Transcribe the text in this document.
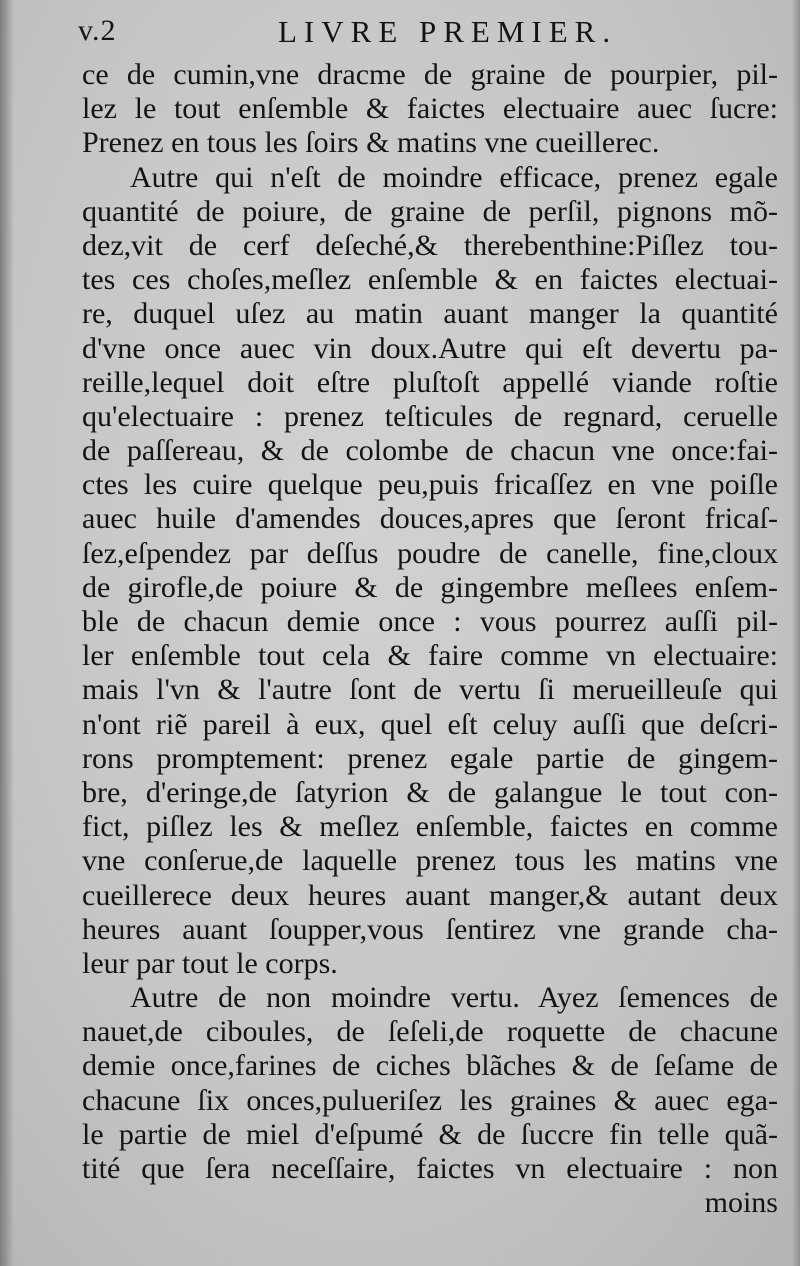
v.2	LIVRE PREMIER.
ce de cumin,vne dracme de graine de pourpier, pil-
lez le tout enſemble & faictes electuaire auec ſucre:
Prenez en tous les ſoirs & matins vne cueillerec.
Autre qui n'eſt de moindre efficace, prenez egale
quantité de poiure, de graine de perſil, pignons mõ-
dez,vit de cerf deſeché,& therebenthine:Piſlez tou-
tes ces choſes,meſlez enſemble & en faictes electuai-
re, duquel uſez au matin auant manger la quantité
d'vne once auec vin doux.Autre qui eſt devertu pa-
reille,lequel doit eſtre pluſtoſt appellé viande roſtie
qu'electuaire : prenez teſticules de regnard, ceruelle
de paſſereau, & de colombe de chacun vne once:fai-
ctes les cuire quelque peu,puis fricaſſez en vne poiſle
auec huile d'amendes douces,apres que ſeront fricaſ-
ſez,eſpendez par deſſus poudre de canelle, fine,cloux
de girofle,de poiure & de gingembre meſlees enſem-
ble de chacun demie once : vous pourrez auſſi pil-
ler enſemble tout cela & faire comme vn electuaire:
mais l'vn & l'autre ſont de vertu ſi merueilleuſe qui
n'ont riẽ pareil à eux, quel eſt celuy auſſi que deſcri-
rons promptement: prenez egale partie de gingem-
bre, d'eringe,de ſatyrion & de galangue le tout con-
fict, piſlez les & meſlez enſemble, faictes en comme
vne conſerue,de laquelle prenez tous les matins vne
cueillerece deux heures auant manger,& autant deux
heures auant ſoupper,vous ſentirez vne grande cha-
leur par tout le corps.
Autre de non moindre vertu. Ayez ſemences de
nauet,de ciboules, de ſeſeli,de roquette de chacune
demie once,farines de ciches blãches & de ſeſame de
chacune ſix onces,pulueriſez les graines & auec ega-
le partie de miel d'eſpumé & de ſuccre fin telle quã-
tité que ſera neceſſaire, faictes vn electuaire : non
moins
